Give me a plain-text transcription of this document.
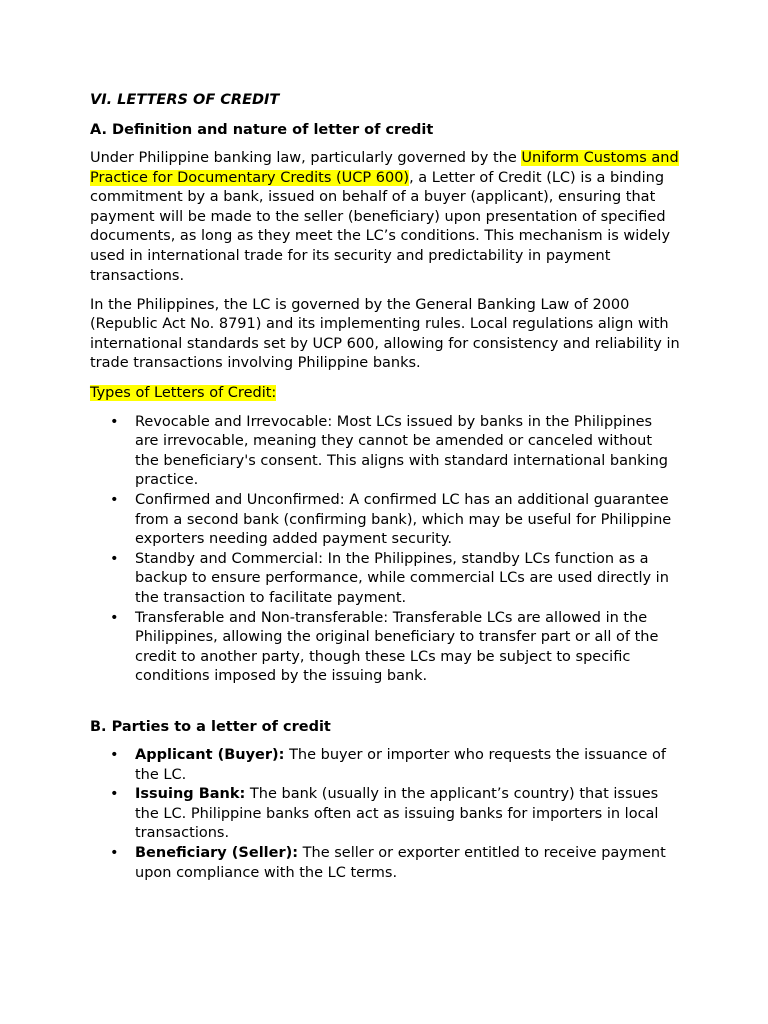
VI. LETTERS OF CREDIT
A. Definition and nature of letter of credit

Under Philippine banking law, particularly governed by the Uniform Customs and Practice for Documentary Credits (UCP 600), a Letter of Credit (LC) is a binding commitment by a bank, issued on behalf of a buyer (applicant), ensuring that payment will be made to the seller (beneficiary) upon presentation of specified documents, as long as they meet the LC’s conditions. This mechanism is widely used in international trade for its security and predictability in payment transactions.

In the Philippines, the LC is governed by the General Banking Law of 2000 (Republic Act No. 8791) and its implementing rules. Local regulations align with international standards set by UCP 600, allowing for consistency and reliability in trade transactions involving Philippine banks.

Types of Letters of Credit:

• Revocable and Irrevocable: Most LCs issued by banks in the Philippines are irrevocable, meaning they cannot be amended or canceled without the beneficiary's consent. This aligns with standard international banking practice.
• Confirmed and Unconfirmed: A confirmed LC has an additional guarantee from a second bank (confirming bank), which may be useful for Philippine exporters needing added payment security.
• Standby and Commercial: In the Philippines, standby LCs function as a backup to ensure performance, while commercial LCs are used directly in the transaction to facilitate payment.
• Transferable and Non-transferable: Transferable LCs are allowed in the Philippines, allowing the original beneficiary to transfer part or all of the credit to another party, though these LCs may be subject to specific conditions imposed by the issuing bank.
B. Parties to a letter of credit
• Applicant (Buyer): The buyer or importer who requests the issuance of the LC.
• Issuing Bank: The bank (usually in the applicant’s country) that issues the LC. Philippine banks often act as issuing banks for importers in local transactions.
• Beneficiary (Seller): The seller or exporter entitled to receive payment upon compliance with the LC terms.
